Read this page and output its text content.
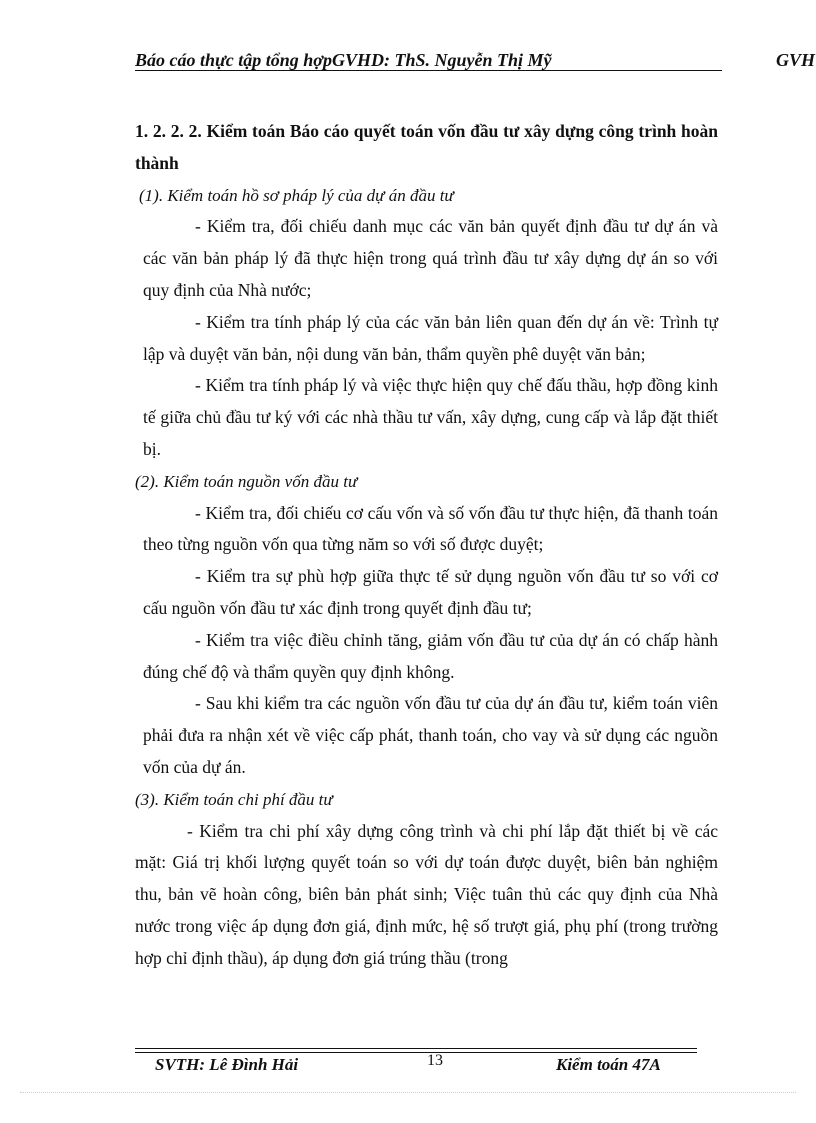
Báo cáo thực tập tổng hợpGVHD: ThS. Nguyễn Thị Mỹ	GVH

1. 2. 2. 2. Kiểm toán Báo cáo quyết toán vốn đầu tư xây dựng công trình hoàn thành

(1). Kiểm toán hồ sơ pháp lý của dự án đầu tư

- Kiểm tra, đối chiếu danh mục các văn bản quyết định đầu tư dự án và các văn bản pháp lý đã thực hiện trong quá trình đầu tư xây dựng dự án so với quy định của Nhà nước;

- Kiểm tra tính pháp lý của các văn bản liên quan đến dự án về: Trình tự lập và duyệt văn bản, nội dung văn bản, thẩm quyền phê duyệt văn bản;

- Kiểm tra tính pháp lý và việc thực hiện quy chế đấu thầu, hợp đồng kinh tế giữa chủ đầu tư ký với các nhà thầu tư vấn, xây dựng, cung cấp và lắp đặt thiết bị.

(2). Kiểm toán nguồn vốn đầu tư

- Kiểm tra, đối chiếu cơ cấu vốn và số vốn đầu tư thực hiện, đã thanh toán theo từng nguồn vốn qua từng năm so với số được duyệt;

- Kiểm tra sự phù hợp giữa thực tế sử dụng nguồn vốn đầu tư so với cơ cấu nguồn vốn đầu tư xác định trong quyết định đầu tư;

- Kiểm tra việc điều chỉnh tăng, giảm vốn đầu tư của dự án có chấp hành đúng chế độ và thẩm quyền quy định không.

- Sau khi kiểm tra các nguồn vốn đầu tư của dự án đầu tư, kiểm toán viên phải đưa ra nhận xét về việc cấp phát, thanh toán, cho vay và sử dụng các nguồn vốn của dự án.

(3). Kiểm toán chi phí đầu tư

- Kiểm tra chi phí xây dựng công trình và chi phí lắp đặt thiết bị về các mặt: Giá trị khối lượng quyết toán so với dự toán được duyệt, biên bản nghiệm thu, bản vẽ hoàn công, biên bản phát sinh; Việc tuân thủ các quy định của Nhà nước trong việc áp dụng đơn giá, định mức, hệ số trượt giá, phụ phí (trong trường hợp chỉ định thầu), áp dụng đơn giá trúng thầu (trong

SVTH: Lê Đình Hải	13	Kiểm toán 47A
